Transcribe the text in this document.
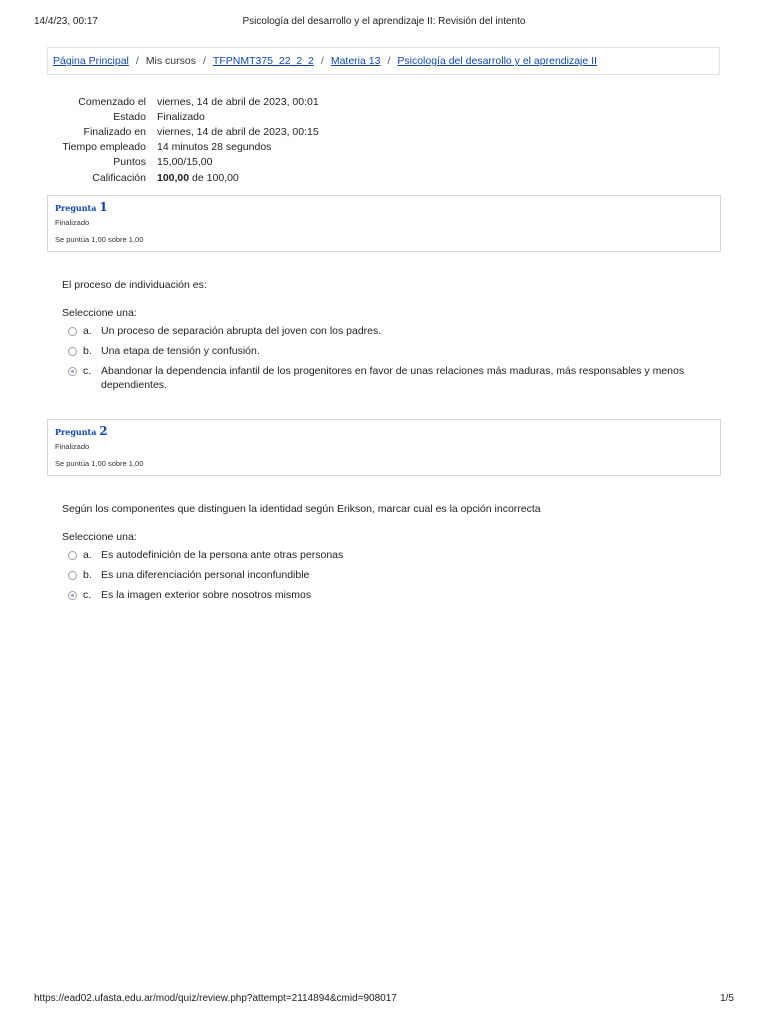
14/4/23, 00:17	Psicología del desarrollo y el aprendizaje II: Revisión del intento
Página Principal / Mis cursos / TFPNMT375_22_2_2 / Materia 13 / Psicología del desarrollo y el aprendizaje II
Comenzado el	viernes, 14 de abril de 2023, 00:01
Estado	Finalizado
Finalizado en	viernes, 14 de abril de 2023, 00:15
Tiempo empleado	14 minutos 28 segundos
Puntos	15,00/15,00
Calificación	100,00 de 100,00
Pregunta 1
Finalizado
Se puntúa 1,00 sobre 1,00
El proceso de individuación es:
Seleccione una:
a. Un proceso de separación abrupta del joven con los padres.
b. Una etapa de tensión y confusión.
c. Abandonar la dependencia infantil de los progenitores en favor de unas relaciones más maduras, más responsables y menos dependientes.
Pregunta 2
Finalizado
Se puntúa 1,00 sobre 1,00
Según los componentes que distinguen la identidad según Erikson, marcar cual es la opción incorrecta
Seleccione una:
a. Es autodefinición de la persona ante otras personas
b. Es una diferenciación personal inconfundible
c. Es la imagen exterior sobre nosotros mismos
https://ead02.ufasta.edu.ar/mod/quiz/review.php?attempt=2114894&cmid=908017	1/5
